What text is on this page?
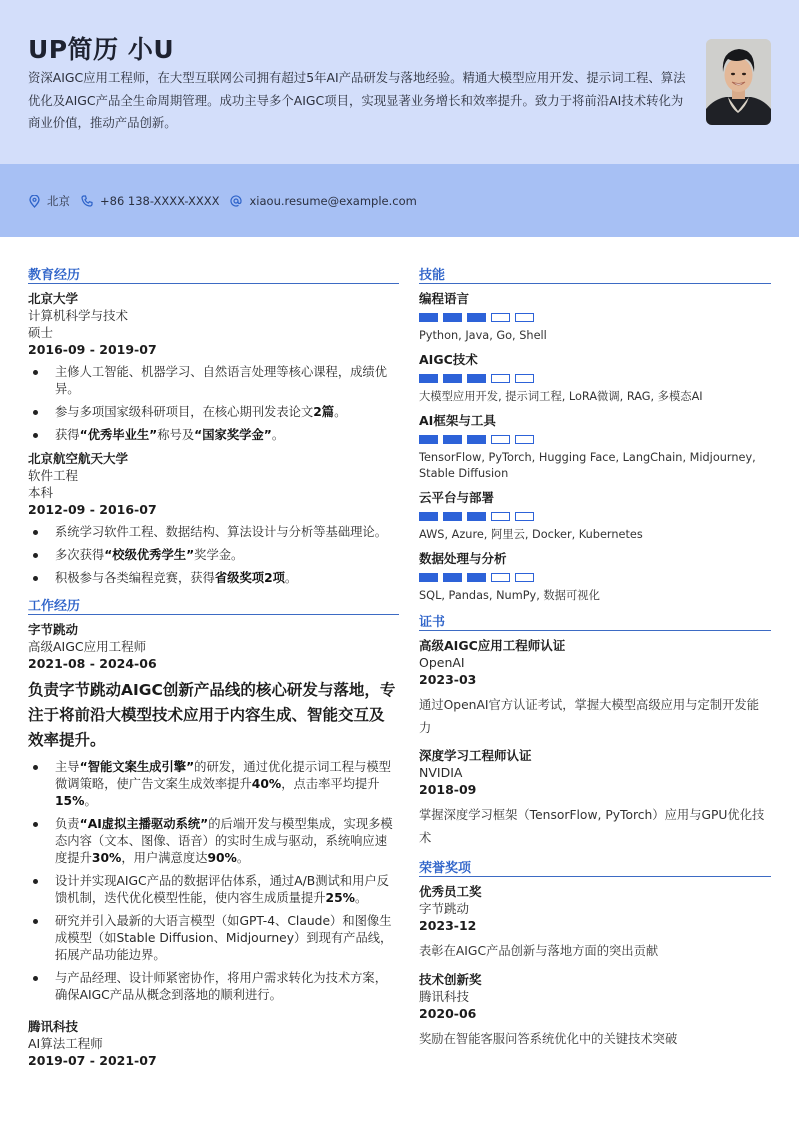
UP简历 小U
资深AIGC应用工程师，在大型互联网公司拥有超过5年AI产品研发与落地经验。精通大模型应用开发、提示词工程、算法优化及AIGC产品全生命周期管理。成功主导多个AIGC项目，实现显著业务增长和效率提升。致力于将前沿AI技术转化为商业价值，推动产品创新。
北京	+86 138-XXXX-XXXX	xiaou.resume@example.com
教育经历
北京大学
计算机科学与技术
硕士
2016-09 - 2019-07
主修人工智能、机器学习、自然语言处理等核心课程，成绩优异。
参与多项国家级科研项目，在核心期刊发表论文2篇。
获得“优秀毕业生”称号及“国家奖学金”。
北京航空航天大学
软件工程
本科
2012-09 - 2016-07
系统学习软件工程、数据结构、算法设计与分析等基础理论。
多次获得“校级优秀学生”奖学金。
积极参与各类编程竞赛，获得省级奖项2项。
工作经历
字节跳动
高级AIGC应用工程师
2021-08 - 2024-06
负责字节跳动AIGC创新产品线的核心研发与落地，专注于将前沿大模型技术应用于内容生成、智能交互及效率提升。
主导“智能文案生成引擎”的研发，通过优化提示词工程与模型微调策略，使广告文案生成效率提升40%，点击率平均提升15%。
负责“AI虚拟主播驱动系统”的后端开发与模型集成，实现多模态内容（文本、图像、语音）的实时生成与驱动，系统响应速度提升30%，用户满意度达90%。
设计并实现AIGC产品的数据评估体系，通过A/B测试和用户反馈机制，迭代优化模型性能，使内容生成质量提升25%。
研究并引入最新的大语言模型（如GPT-4、Claude）和图像生成模型（如Stable Diffusion、Midjourney）到现有产品线，拓展产品功能边界。
与产品经理、设计师紧密协作，将用户需求转化为技术方案，确保AIGC产品从概念到落地的顺利进行。
腾讯科技
AI算法工程师
2019-07 - 2021-07
技能
编程语言
Python, Java, Go, Shell
AIGC技术
大模型应用开发, 提示词工程, LoRA微调, RAG, 多模态AI
AI框架与工具
TensorFlow, PyTorch, Hugging Face, LangChain, Midjourney, Stable Diffusion
云平台与部署
AWS, Azure, 阿里云, Docker, Kubernetes
数据处理与分析
SQL, Pandas, NumPy, 数据可视化
证书
高级AIGC应用工程师认证
OpenAI
2023-03
通过OpenAI官方认证考试，掌握大模型高级应用与定制开发能力
深度学习工程师认证
NVIDIA
2018-09
掌握深度学习框架（TensorFlow, PyTorch）应用与GPU优化技术
荣誉奖项
优秀员工奖
字节跳动
2023-12
表彰在AIGC产品创新与落地方面的突出贡献
技术创新奖
腾讯科技
2020-06
奖励在智能客服问答系统优化中的关键技术突破
